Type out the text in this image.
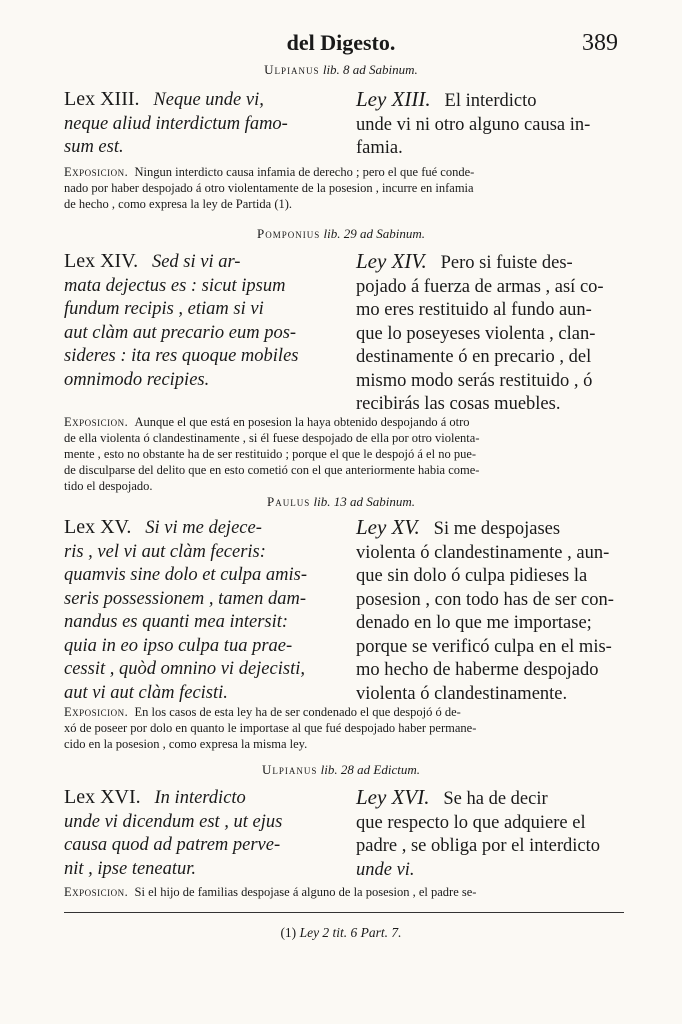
del Digesto.	389
Ulpianus lib. 8 ad Sabinum.
Lex XIII. Neque unde vi,
neque aliud interdictum famo-
sum est.
Ley XIII. El interdicto
unde vi ni otro alguno causa in-
famia.
Exposicion. Ningun interdicto causa infamia de derecho ; pero el que fué conde-
nado por haber despojado á otro violentamente de la posesion , incurre en infamia
de hecho , como expresa la ley de Partida (1).
Pomponius lib. 29 ad Sabinum.
Lex XIV. Sed si vi ar-
mata dejectus es : sicut ipsum
fundum recipis , etiam si vi
aut clàm aut precario eum pos-
sideres : ita res quoque mobiles
omnimodo recipies.
Ley XIV. Pero si fuiste des-
pojado á fuerza de armas , así co-
mo eres restituido al fundo aun-
que lo poseyeses violenta , clan-
destinamente ó en precario , del
mismo modo serás restituido , ó
recibirás las cosas muebles.
Exposicion. Aunque el que está en posesion la haya obtenido despojando á otro
de ella violenta ó clandestinamente , si él fuese despojado de ella por otro violenta-
mente , esto no obstante ha de ser restituido ; porque el que le despojó á el no pue-
de disculparse del delito que en esto cometió con el que anteriormente habia come-
tido el despojado.
Paulus lib. 13 ad Sabinum.
Lex XV. Si vi me dejece-
ris , vel vi aut clàm feceris:
quamvis sine dolo et culpa amis-
seris possessionem , tamen dam-
nandus es quanti mea intersit:
quia in eo ipso culpa tua prae-
cessit , quòd omnino vi dejecisti,
aut vi aut clàm fecisti.
Ley XV. Si me despojases
violenta ó clandestinamente , aun-
que sin dolo ó culpa pidieses la
posesion , con todo has de ser con-
denado en lo que me importase;
porque se verificó culpa en el mis-
mo hecho de haberme despojado
violenta ó clandestinamente.
Exposicion. En los casos de esta ley ha de ser condenado el que despojó ó de-
xó de poseer por dolo en quanto le importase al que fué despojado haber permane-
cido en la posesion , como expresa la misma ley.
Ulpianus lib. 28 ad Edictum.
Lex XVI. In interdicto
unde vi dicendum est , ut ejus
causa quod ad patrem perve-
nit , ipse teneatur.
Ley XVI. Se ha de decir
que respecto lo que adquiere el
padre , se obliga por el interdicto
unde vi.
Exposicion. Si el hijo de familias despojase á alguno de la posesion , el padre se-
(1) Ley 2 tit. 6 Part. 7.
